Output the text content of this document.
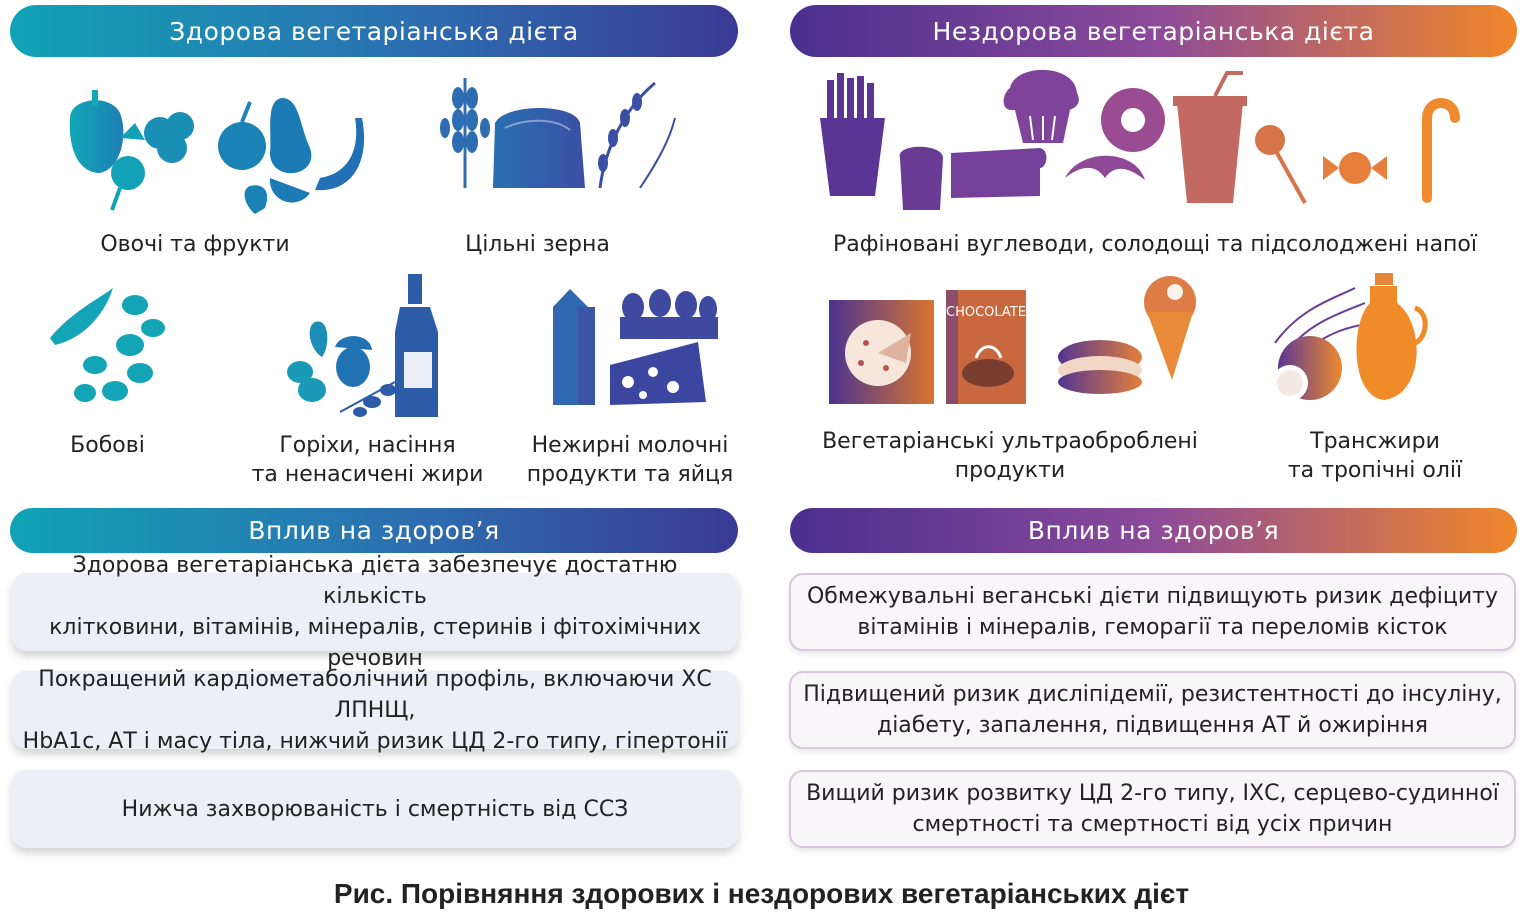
Здорова вегетаріанська дієта	Нездорова вегетаріанська дієта
Овочі та фрукти	Цільні зерна
Бобові	Горіхи, насіння
та ненасичені жири
Нежирні молочні
продукти та яйця
CHOCOLATE
Рафіновані вуглеводи, солодощі та підсолоджені напої
Вегетаріанські ультраоброблені
продукти
Трансжири
та тропічні олії
Вплив на здоров’я	Вплив на здоров’я
Здорова вегетаріанська дієта забезпечує достатню кількість
клітковини, вітамінів, мінералів, стеринів і фітохімічних речовин
Покращений кардіометаболічний профіль, включаючи ХС ЛПНЩ,
HbA1c, АТ і масу тіла, нижчий ризик ЦД 2-го типу, гіпертонії
Нижча захворюваність і смертність від ССЗ
Обмежувальні веганські дієти підвищують ризик дефіциту
вітамінів і мінералів, геморагії та переломів кісток
Підвищений ризик дисліпідемії, резистентності до інсуліну,
діабету, запалення, підвищення АТ й ожиріння
Вищий ризик розвитку ЦД 2-го типу, ІХС, серцево-судинної
смертності та смертності від усіх причин
Рис. Порівняння здорових і нездорових вегетаріанських дієт
